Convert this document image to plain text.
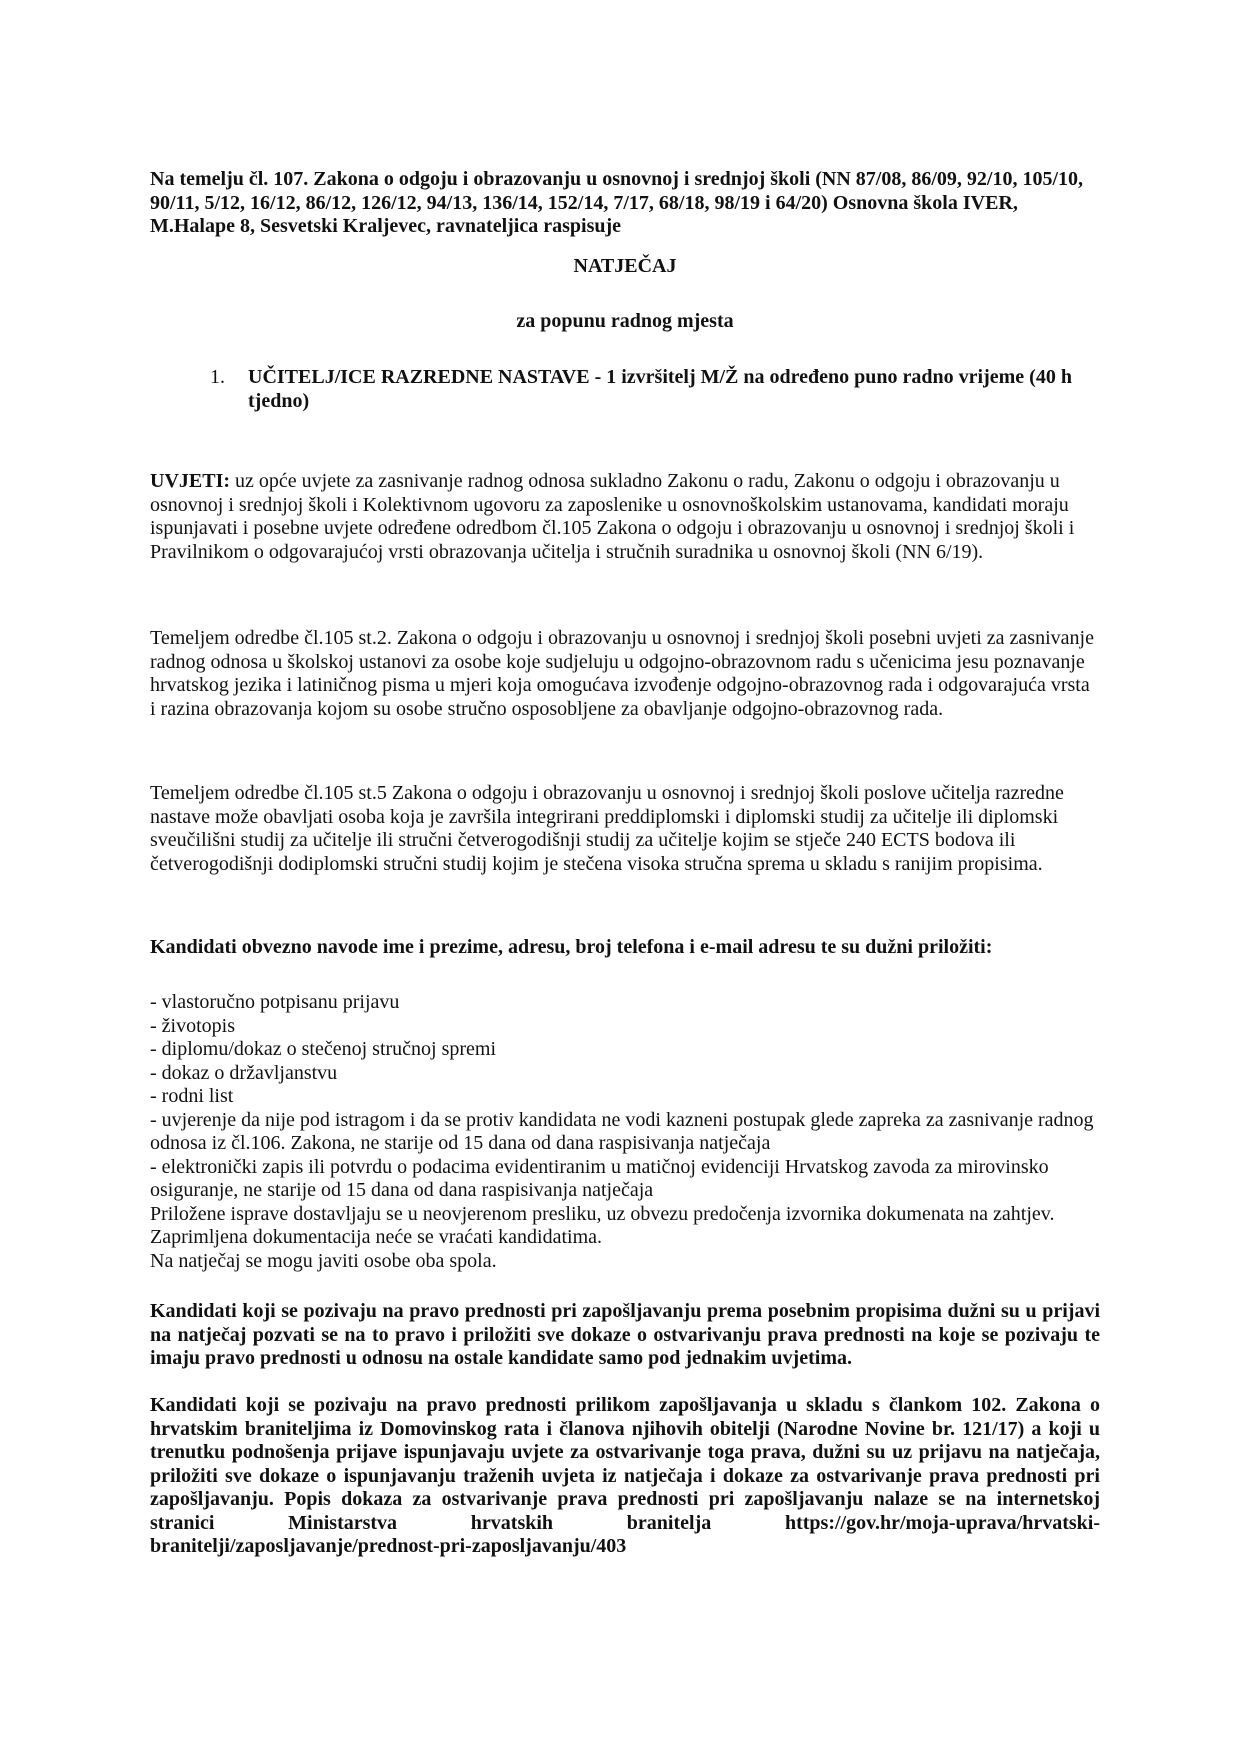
Na temelju čl. 107. Zakona o odgoju i obrazovanju u osnovnoj i srednjoj školi (NN 87/08, 86/09, 92/10, 105/10, 90/11, 5/12, 16/12, 86/12, 126/12, 94/13, 136/14, 152/14, 7/17, 68/18, 98/19 i 64/20) Osnovna škola IVER, M.Halape 8, Sesvetski Kraljevec, ravnateljica raspisuje

NATJEČAJ

za popunu radnog mjesta

1. UČITELJ/ICE RAZREDNE NASTAVE - 1 izvršitelj M/Ž na određeno puno radno vrijeme (40 h tjedno)

UVJETI: uz opće uvjete za zasnivanje radnog odnosa sukladno Zakonu o radu, Zakonu o odgoju i obrazovanju u osnovnoj i srednjoj školi i Kolektivnom ugovoru za zaposlenike u osnovnoškolskim ustanovama, kandidati moraju ispunjavati i posebne uvjete određene odredbom čl.105 Zakona o odgoju i obrazovanju u osnovnoj i srednjoj školi i Pravilnikom o odgovarajućoj vrsti obrazovanja učitelja i stručnih suradnika u osnovnoj školi (NN 6/19).

Temeljem odredbe čl.105 st.2. Zakona o odgoju i obrazovanju u osnovnoj i srednjoj školi posebni uvjeti za zasnivanje radnog odnosa u školskoj ustanovi za osobe koje sudjeluju u odgojno-obrazovnom radu s učenicima jesu poznavanje hrvatskog jezika i latiničnog pisma u mjeri koja omogućava izvođenje odgojno-obrazovnog rada i odgovarajuća vrsta i razina obrazovanja kojom su osobe stručno osposobljene za obavljanje odgojno-obrazovnog rada.

Temeljem odredbe čl.105 st.5 Zakona o odgoju i obrazovanju u osnovnoj i srednjoj školi poslove učitelja razredne nastave može obavljati osoba koja je završila integrirani preddiplomski i diplomski studij za učitelje ili diplomski sveučilišni studij za učitelje ili stručni četverogodišnji studij za učitelje kojim se stječe 240 ECTS bodova ili četverogodišnji dodiplomski stručni studij kojim je stečena visoka stručna sprema u skladu s ranijim propisima.

Kandidati obvezno navode ime i prezime, adresu, broj telefona i e-mail adresu te su dužni priložiti:

- vlastoručno potpisanu prijavu
- životopis
- diplomu/dokaz o stečenoj stručnoj spremi
- dokaz o državljanstvu
- rodni list
- uvjerenje da nije pod istragom i da se protiv kandidata ne vodi kazneni postupak glede zapreka za zasnivanje radnog odnosa iz čl.106. Zakona, ne starije od 15 dana od dana raspisivanja natječaja
- elektronički zapis ili potvrdu o podacima evidentiranim u matičnoj evidenciji Hrvatskog zavoda za mirovinsko osiguranje, ne starije od 15 dana od dana raspisivanja natječaja
Priložene isprave dostavljaju se u neovjerenom presliku, uz obvezu predočenja izvornika dokumenata na zahtjev.
Zaprimljena dokumentacija neće se vraćati kandidatima.
Na natječaj se mogu javiti osobe oba spola.

Kandidati koji se pozivaju na pravo prednosti pri zapošljavanju prema posebnim propisima dužni su u prijavi na natječaj pozvati se na to pravo i priložiti sve dokaze o ostvarivanju prava prednosti na koje se pozivaju te imaju pravo prednosti u odnosu na ostale kandidate samo pod jednakim uvjetima.

Kandidati koji se pozivaju na pravo prednosti prilikom zapošljavanja u skladu s člankom 102. Zakona o hrvatskim braniteljima iz Domovinskog rata i članova njihovih obitelji (Narodne Novine br. 121/17) a koji u trenutku podnošenja prijave ispunjavaju uvjete za ostvarivanje toga prava, dužni su uz prijavu na natječaja, priložiti sve dokaze o ispunjavanju traženih uvjeta iz natječaja i dokaze za ostvarivanje prava prednosti pri zapošljavanju. Popis dokaza za ostvarivanje prava prednosti pri zapošljavanju nalaze se na internetskoj stranici Ministarstva hrvatskih branitelja https://gov.hr/moja-uprava/hrvatski-branitelji/zaposljavanje/prednost-pri-zaposljavanju/403
